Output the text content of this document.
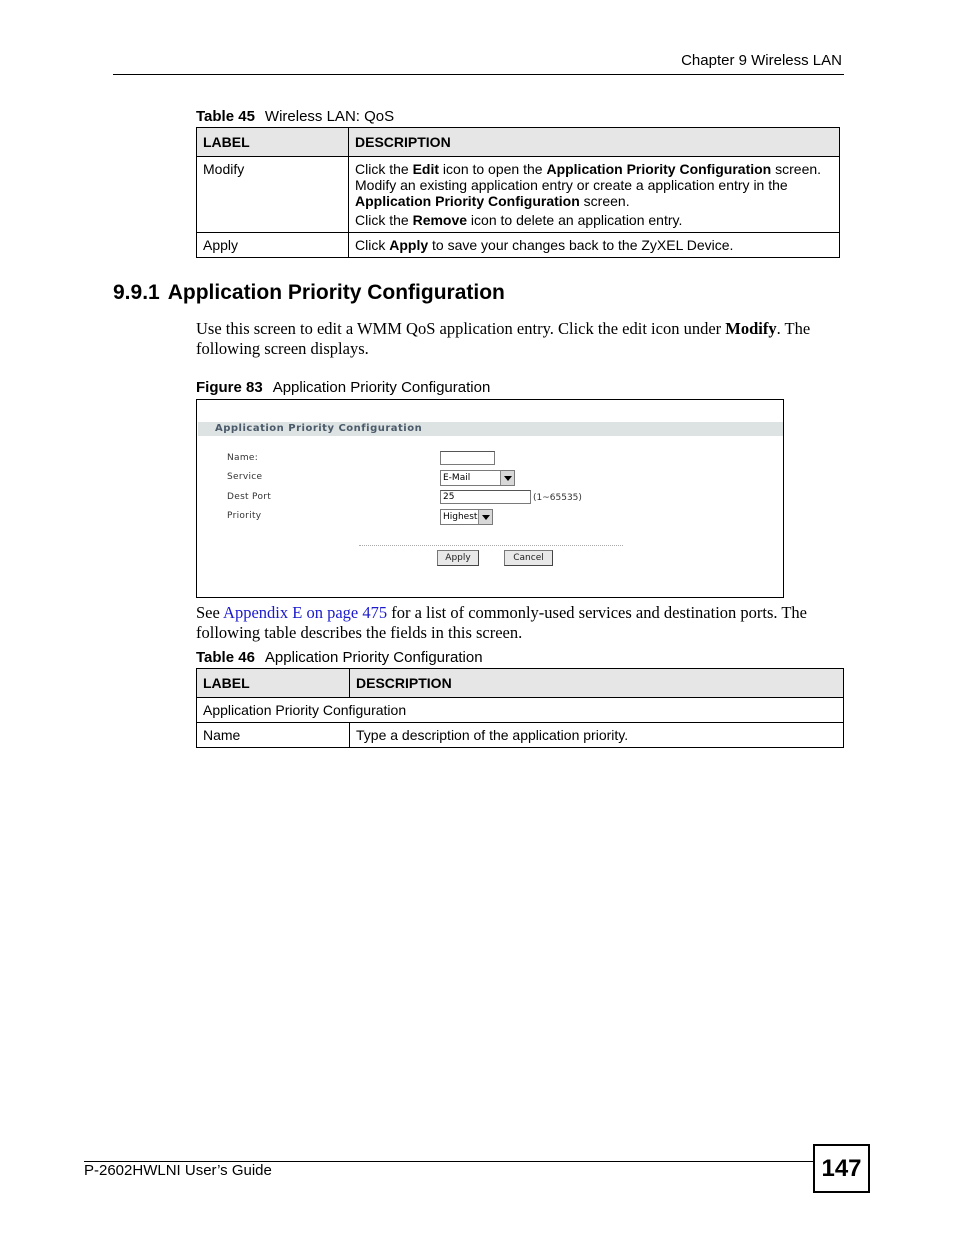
Chapter 9 Wireless LAN
Table 45 Wireless LAN: QoS
LABEL	DESCRIPTION
Modify	Click the Edit icon to open the Application Priority Configuration screen. Modify an existing application entry or create a application entry in the Application Priority Configuration screen.

Click the Remove icon to delete an application entry.

Apply	Click Apply to save your changes back to the ZyXEL Device.

9.9.1 Application Priority Configuration
Use this screen to edit a WMM QoS application entry. Click the edit icon under Modify. The following screen displays.
Figure 83 Application Priority Configuration
Application Priority Configuration
Name:
Service	E-Mail
Dest Port	25	(1~65535)
Priority	Highest
Apply	Cancel
See Appendix E on page 475 for a list of commonly-used services and destination ports. The following table describes the fields in this screen.
Table 46 Application Priority Configuration
LABEL	DESCRIPTION
Application Priority Configuration	
Name	Type a description of the application priority.
P-2602HWLNI User’s Guide	147
